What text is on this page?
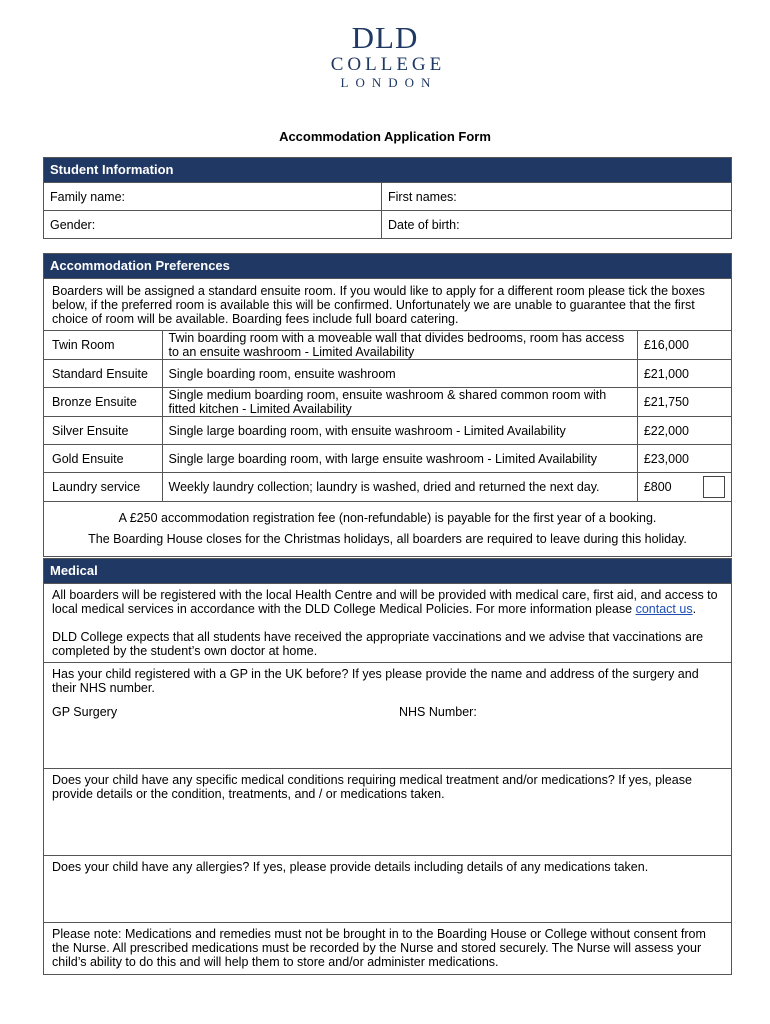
DLD
COLLEGE
LONDON
Accommodation Application Form
Student Information
Family name:	First names:
Gender:	Date of birth:
Accommodation Preferences
Boarders will be assigned a standard ensuite room. If you would like to apply for a different room please tick the boxes below, if the preferred room is available this will be confirmed. Unfortunately we are unable to guarantee that the first choice of room will be available. Boarding fees include full board catering.
Twin Room	Twin boarding room with a moveable wall that divides bedrooms, room has access to an ensuite washroom - Limited Availability	£16,000	
Standard Ensuite	Single boarding room, ensuite washroom	£21,000	
Bronze Ensuite	Single medium boarding room, ensuite washroom & shared common room with fitted kitchen - Limited Availability	£21,750	
Silver Ensuite	Single large boarding room, with ensuite washroom - Limited Availability	£22,000	
Gold Ensuite	Single large boarding room, with large ensuite washroom - Limited Availability	£23,000	
Laundry service	Weekly laundry collection; laundry is washed, dried and returned the next day.	£800	
A £250 accommodation registration fee (non-refundable) is payable for the first year of a booking.
The Boarding House closes for the Christmas holidays, all boarders are required to leave during this holiday.
Medical

All boarders will be registered with the local Health Centre and will be provided with medical care, first aid, and access to local medical services in accordance with the DLD College Medical Policies. For more information please contact us.

DLD College expects that all students have received the appropriate vaccinations and we advise that vaccinations are completed by the student’s own doctor at home.

Has your child registered with a GP in the UK before? If yes please provide the name and address of the surgery and their NHS number.

GP Surgery	NHS Number:

Does your child have any specific medical conditions requiring medical treatment and/or medications? If yes, please provide details or the condition, treatments, and / or medications taken.

Does your child have any allergies? If yes, please provide details including details of any medications taken.

Please note: Medications and remedies must not be brought in to the Boarding House or College without consent from the Nurse. All prescribed medications must be recorded by the Nurse and stored securely. The Nurse will assess your child’s ability to do this and will help them to store and/or administer medications.
